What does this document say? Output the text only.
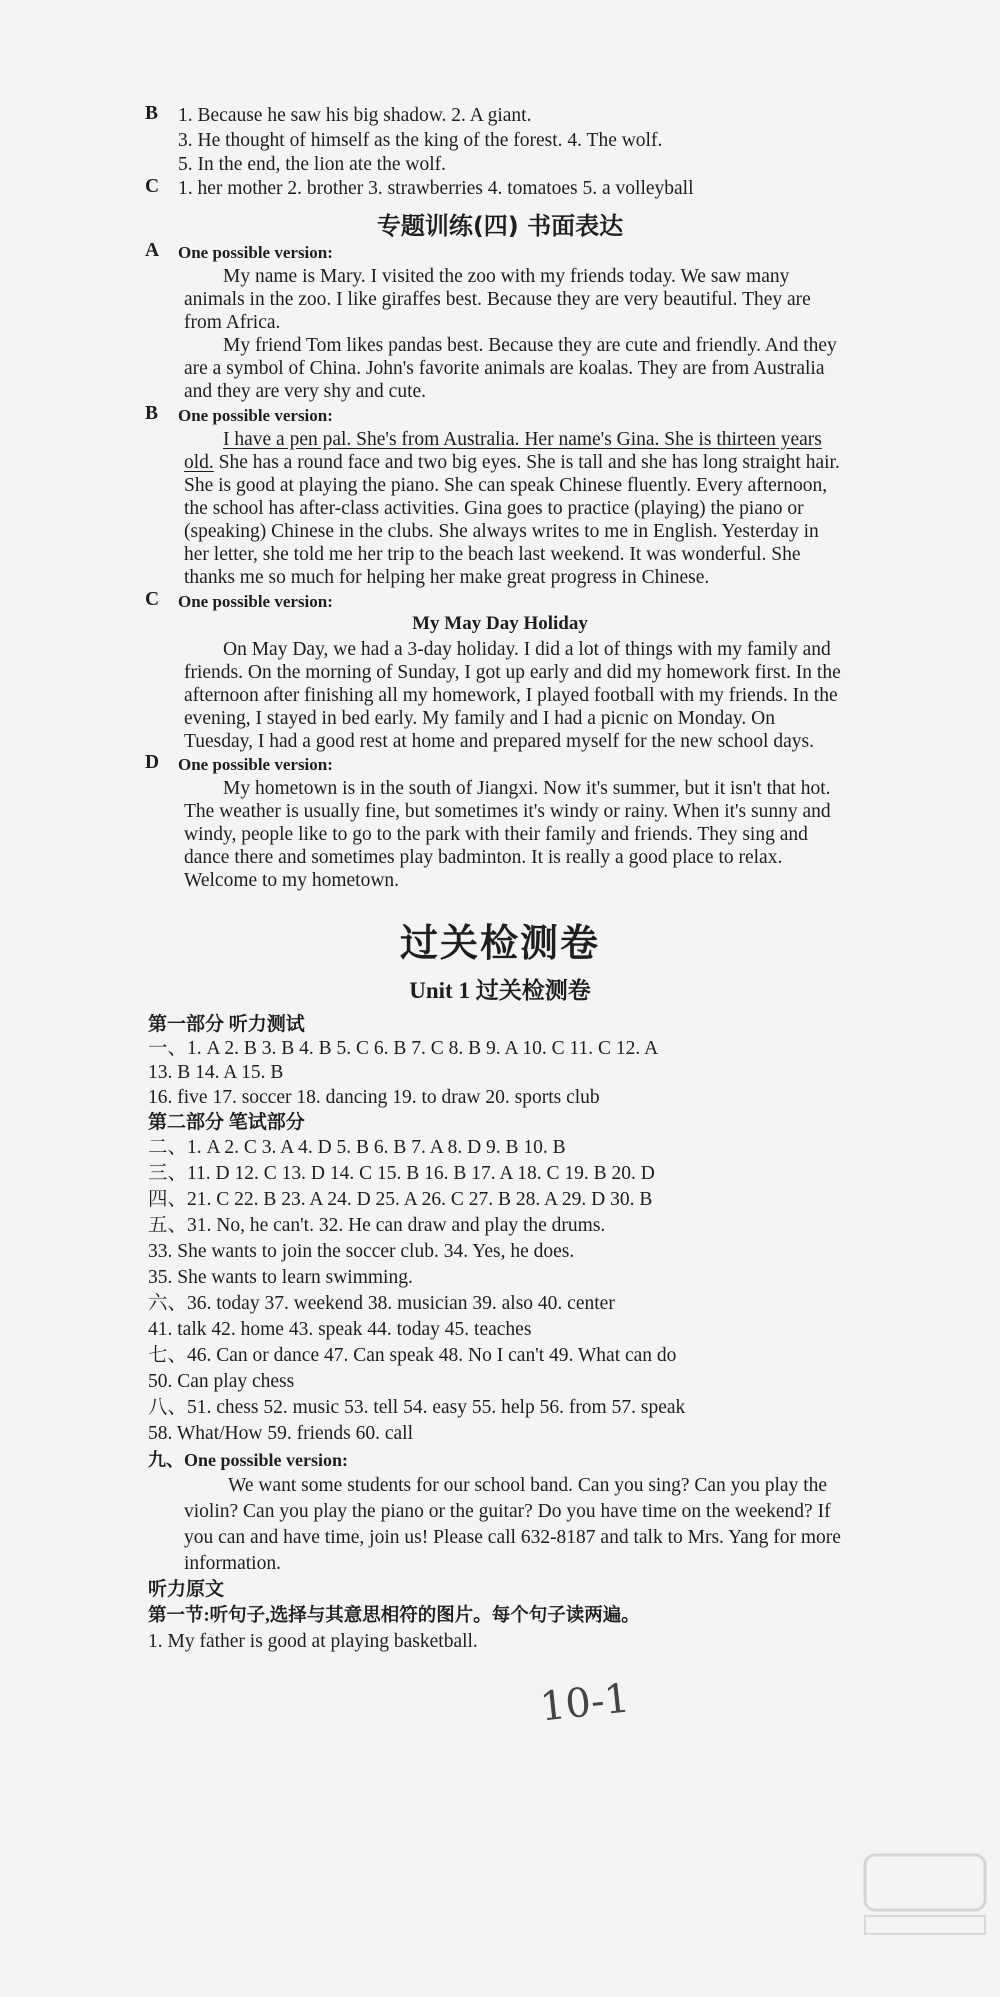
B 1. Because he saw his big shadow. 2. A giant.
3. He thought of himself as the king of the forest. 4. The wolf.
5. In the end, the lion ate the wolf.
C 1. her mother 2. brother 3. strawberries 4. tomatoes 5. a volleyball
专题训练(四) 书面表达
A One possible version:
My name is Mary. I visited the zoo with my friends today. We saw many
animals in the zoo. I like giraffes best. Because they are very beautiful. They are
from Africa.
My friend Tom likes pandas best. Because they are cute and friendly. And they
are a symbol of China. John's favorite animals are koalas. They are from Australia
and they are very shy and cute.
B One possible version:
I have a pen pal. She's from Australia. Her name's Gina. She is thirteen years
old. She has a round face and two big eyes. She is tall and she has long straight hair.
She is good at playing the piano. She can speak Chinese fluently. Every afternoon,
the school has after-class activities. Gina goes to practice (playing) the piano or
(speaking) Chinese in the clubs. She always writes to me in English. Yesterday in
her letter, she told me her trip to the beach last weekend. It was wonderful. She
thanks me so much for helping her make great progress in Chinese.
C One possible version:
My May Day Holiday
On May Day, we had a 3-day holiday. I did a lot of things with my family and
friends. On the morning of Sunday, I got up early and did my homework first. In the
afternoon after finishing all my homework, I played football with my friends. In the
evening, I stayed in bed early. My family and I had a picnic on Monday. On
Tuesday, I had a good rest at home and prepared myself for the new school days.
D One possible version:
My hometown is in the south of Jiangxi. Now it's summer, but it isn't that hot.
The weather is usually fine, but sometimes it's windy or rainy. When it's sunny and
windy, people like to go to the park with their family and friends. They sing and
dance there and sometimes play badminton. It is really a good place to relax.
Welcome to my hometown.
过关检测卷
Unit 1 过关检测卷
第一部分 听力测试
一、1. A 2. B 3. B 4. B 5. C 6. B 7. C 8. B 9. A 10. C 11. C 12. A
13. B 14. A 15. B
16. five 17. soccer 18. dancing 19. to draw 20. sports club
第二部分 笔试部分
二、1. A 2. C 3. A 4. D 5. B 6. B 7. A 8. D 9. B 10. B
三、11. D 12. C 13. D 14. C 15. B 16. B 17. A 18. C 19. B 20. D
四、21. C 22. B 23. A 24. D 25. A 26. C 27. B 28. A 29. D 30. B
五、31. No, he can't. 32. He can draw and play the drums.
33. She wants to join the soccer club. 34. Yes, he does.
35. She wants to learn swimming.
六、36. today 37. weekend 38. musician 39. also 40. center
41. talk 42. home 43. speak 44. today 45. teaches
七、46. Can or dance 47. Can speak 48. No I can't 49. What can do
50. Can play chess
八、51. chess 52. music 53. tell 54. easy 55. help 56. from 57. speak
58. What/How 59. friends 60. call
九、One possible version:
We want some students for our school band. Can you sing? Can you play the
violin? Can you play the piano or the guitar? Do you have time on the weekend? If
you can and have time, join us! Please call 632-8187 and talk to Mrs. Yang for more
information.
听力原文
第一节:听句子,选择与其意思相符的图片。每个句子读两遍。
1. My father is good at playing basketball.
10-1
